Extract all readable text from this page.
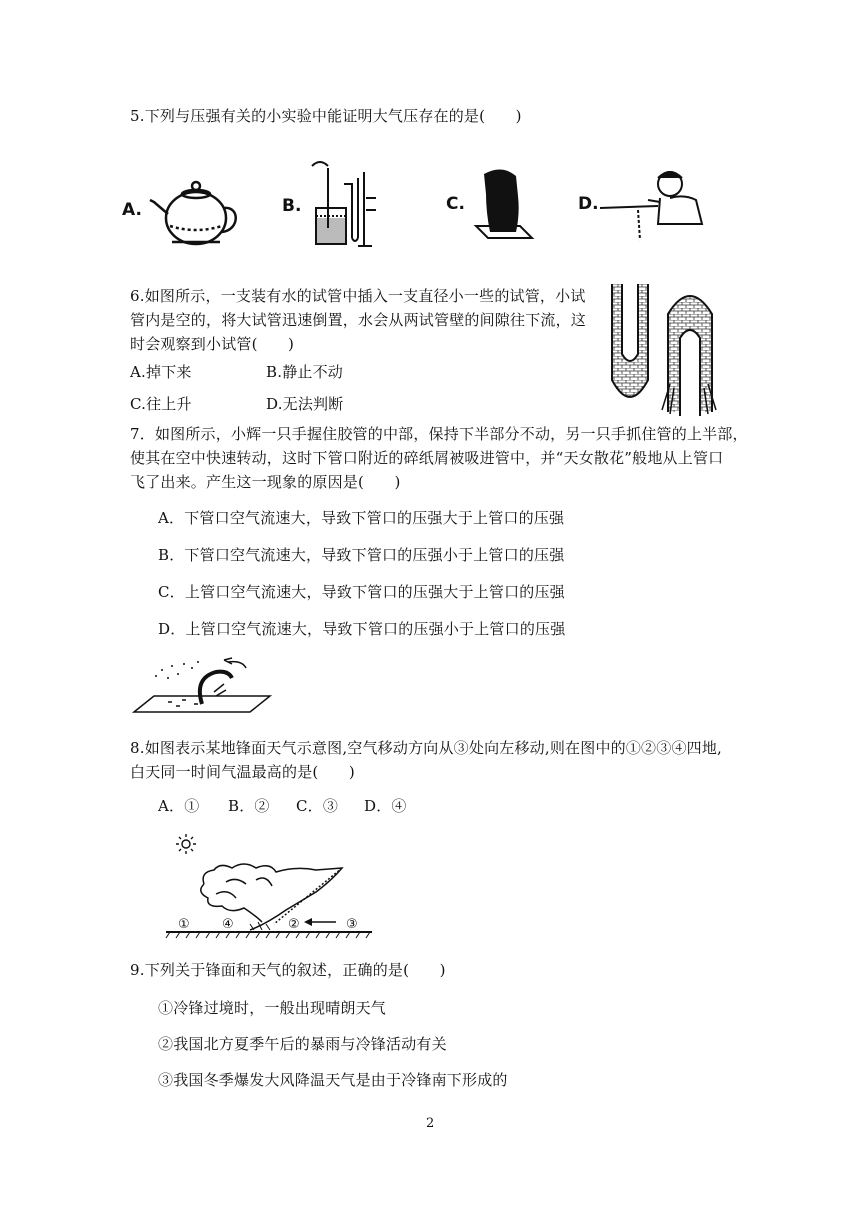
5.下列与压强有关的小实验中能证明大气压存在的是(　　)
A.	B.	C.	D.
6.如图所示，一支装有水的试管中插入一支直径小一些的试管，小试
管内是空的，将大试管迅速倒置，水会从两试管壁的间隙往下流，这
时会观察到小试管(　　)
A.掉下来	B.静止不动
C.往上升	D.无法判断
7．如图所示，小辉一只手握住胶管的中部，保持下半部分不动，另一只手抓住管的上半部，
使其在空中快速转动，这时下管口附近的碎纸屑被吸进管中，并“天女散花”般地从上管口
飞了出来。产生这一现象的原因是(　　)
A．下管口空气流速大，导致下管口的压强大于上管口的压强
B．下管口空气流速大，导致下管口的压强小于上管口的压强
C．上管口空气流速大，导致下管口的压强大于上管口的压强
D．上管口空气流速大，导致下管口的压强小于上管口的压强
8.如图表示某地锋面天气示意图,空气移动方向从③处向左移动,则在图中的①②③④四地,
白天同一时间气温最高的是(　　)
A．① B．② C．③ D．④
① ④	②	③
9.下列关于锋面和天气的叙述，正确的是(　　)
①冷锋过境时，一般出现晴朗天气
②我国北方夏季午后的暴雨与冷锋活动有关
③我国冬季爆发大风降温天气是由于冷锋南下形成的
2
